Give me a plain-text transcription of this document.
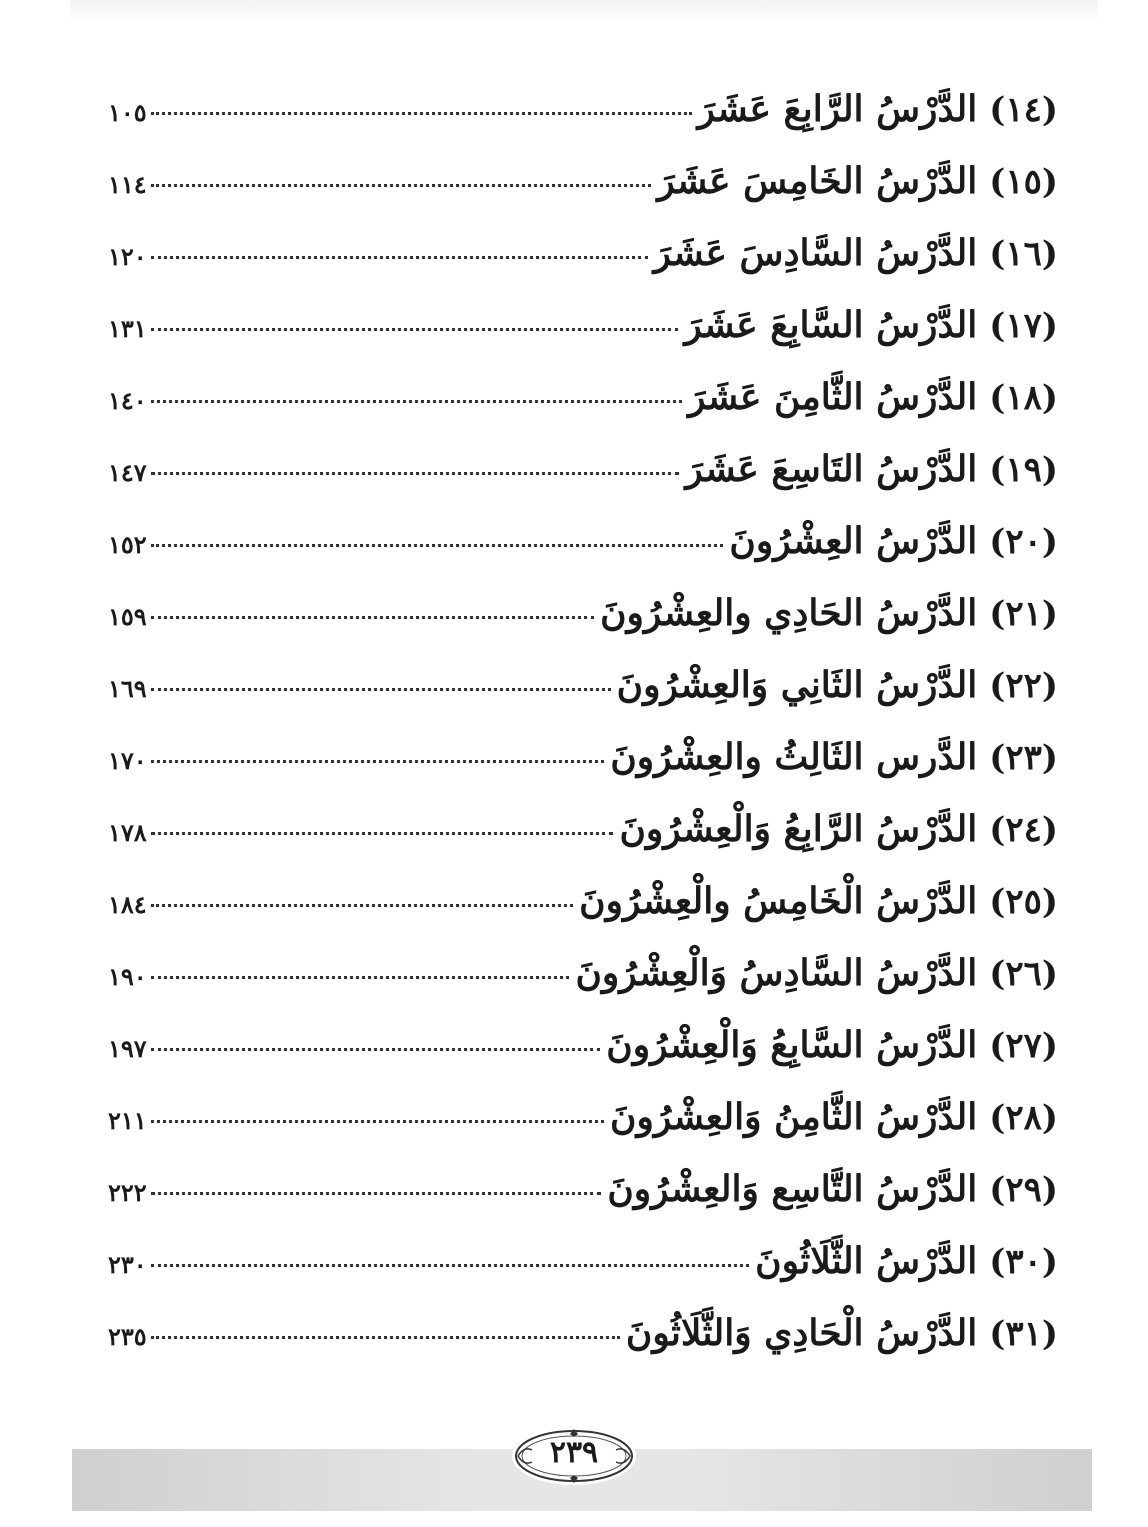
(١٤)
الدَّرْسُ الرَّابِعَ عَشَرَ
١٠٥
(١٥)
الدَّرْسُ الخَامِسَ عَشَرَ
١١٤
(١٦)
الدَّرْسُ السَّادِسَ عَشَرَ
١٢٠
(١٧)
الدَّرْسُ السَّابِعَ عَشَرَ
١٣١
(١٨)
الدَّرْسُ الثَّامِنَ عَشَرَ
١٤٠
(١٩)
الدَّرْسُ التَاسِعَ عَشَرَ
١٤٧
(٢٠)
الدَّرْسُ العِشْرُونَ
١٥٢
(٢١)
الدَّرْسُ الحَادِي والعِشْرُونَ
١٥٩
(٢٢)
الدَّرْسُ الثَانِي وَالعِشْرُونَ
١٦٩
(٢٣)
الدَّرس الثَالِثُ والعِشْرُونَ
١٧٠
(٢٤)
الدَّرْسُ الرَّابِعُ وَالْعِشْرُونَ
١٧٨
(٢٥)
الدَّرْسُ الْخَامِسُ والْعِشْرُونَ
١٨٤
(٢٦)
الدَّرْسُ السَّادِسُ وَالْعِشْرُونَ
١٩٠
(٢٧)
الدَّرْسُ السَّابِعُ وَالْعِشْرُونَ
١٩٧
(٢٨)
الدَّرْسُ الثَّامِنُ وَالعِشْرُونَ
٢١١
(٢٩)
الدَّرْسُ التَّاسِع وَالعِشْرُونَ
٢٢٢
(٣٠)
الدَّرْسُ الثَّلَاثُونَ
٢٣٠
(٣١)
الدَّرْسُ الْحَادِي وَالثَّلَاثُونَ
٢٣٥
٢٣٩
